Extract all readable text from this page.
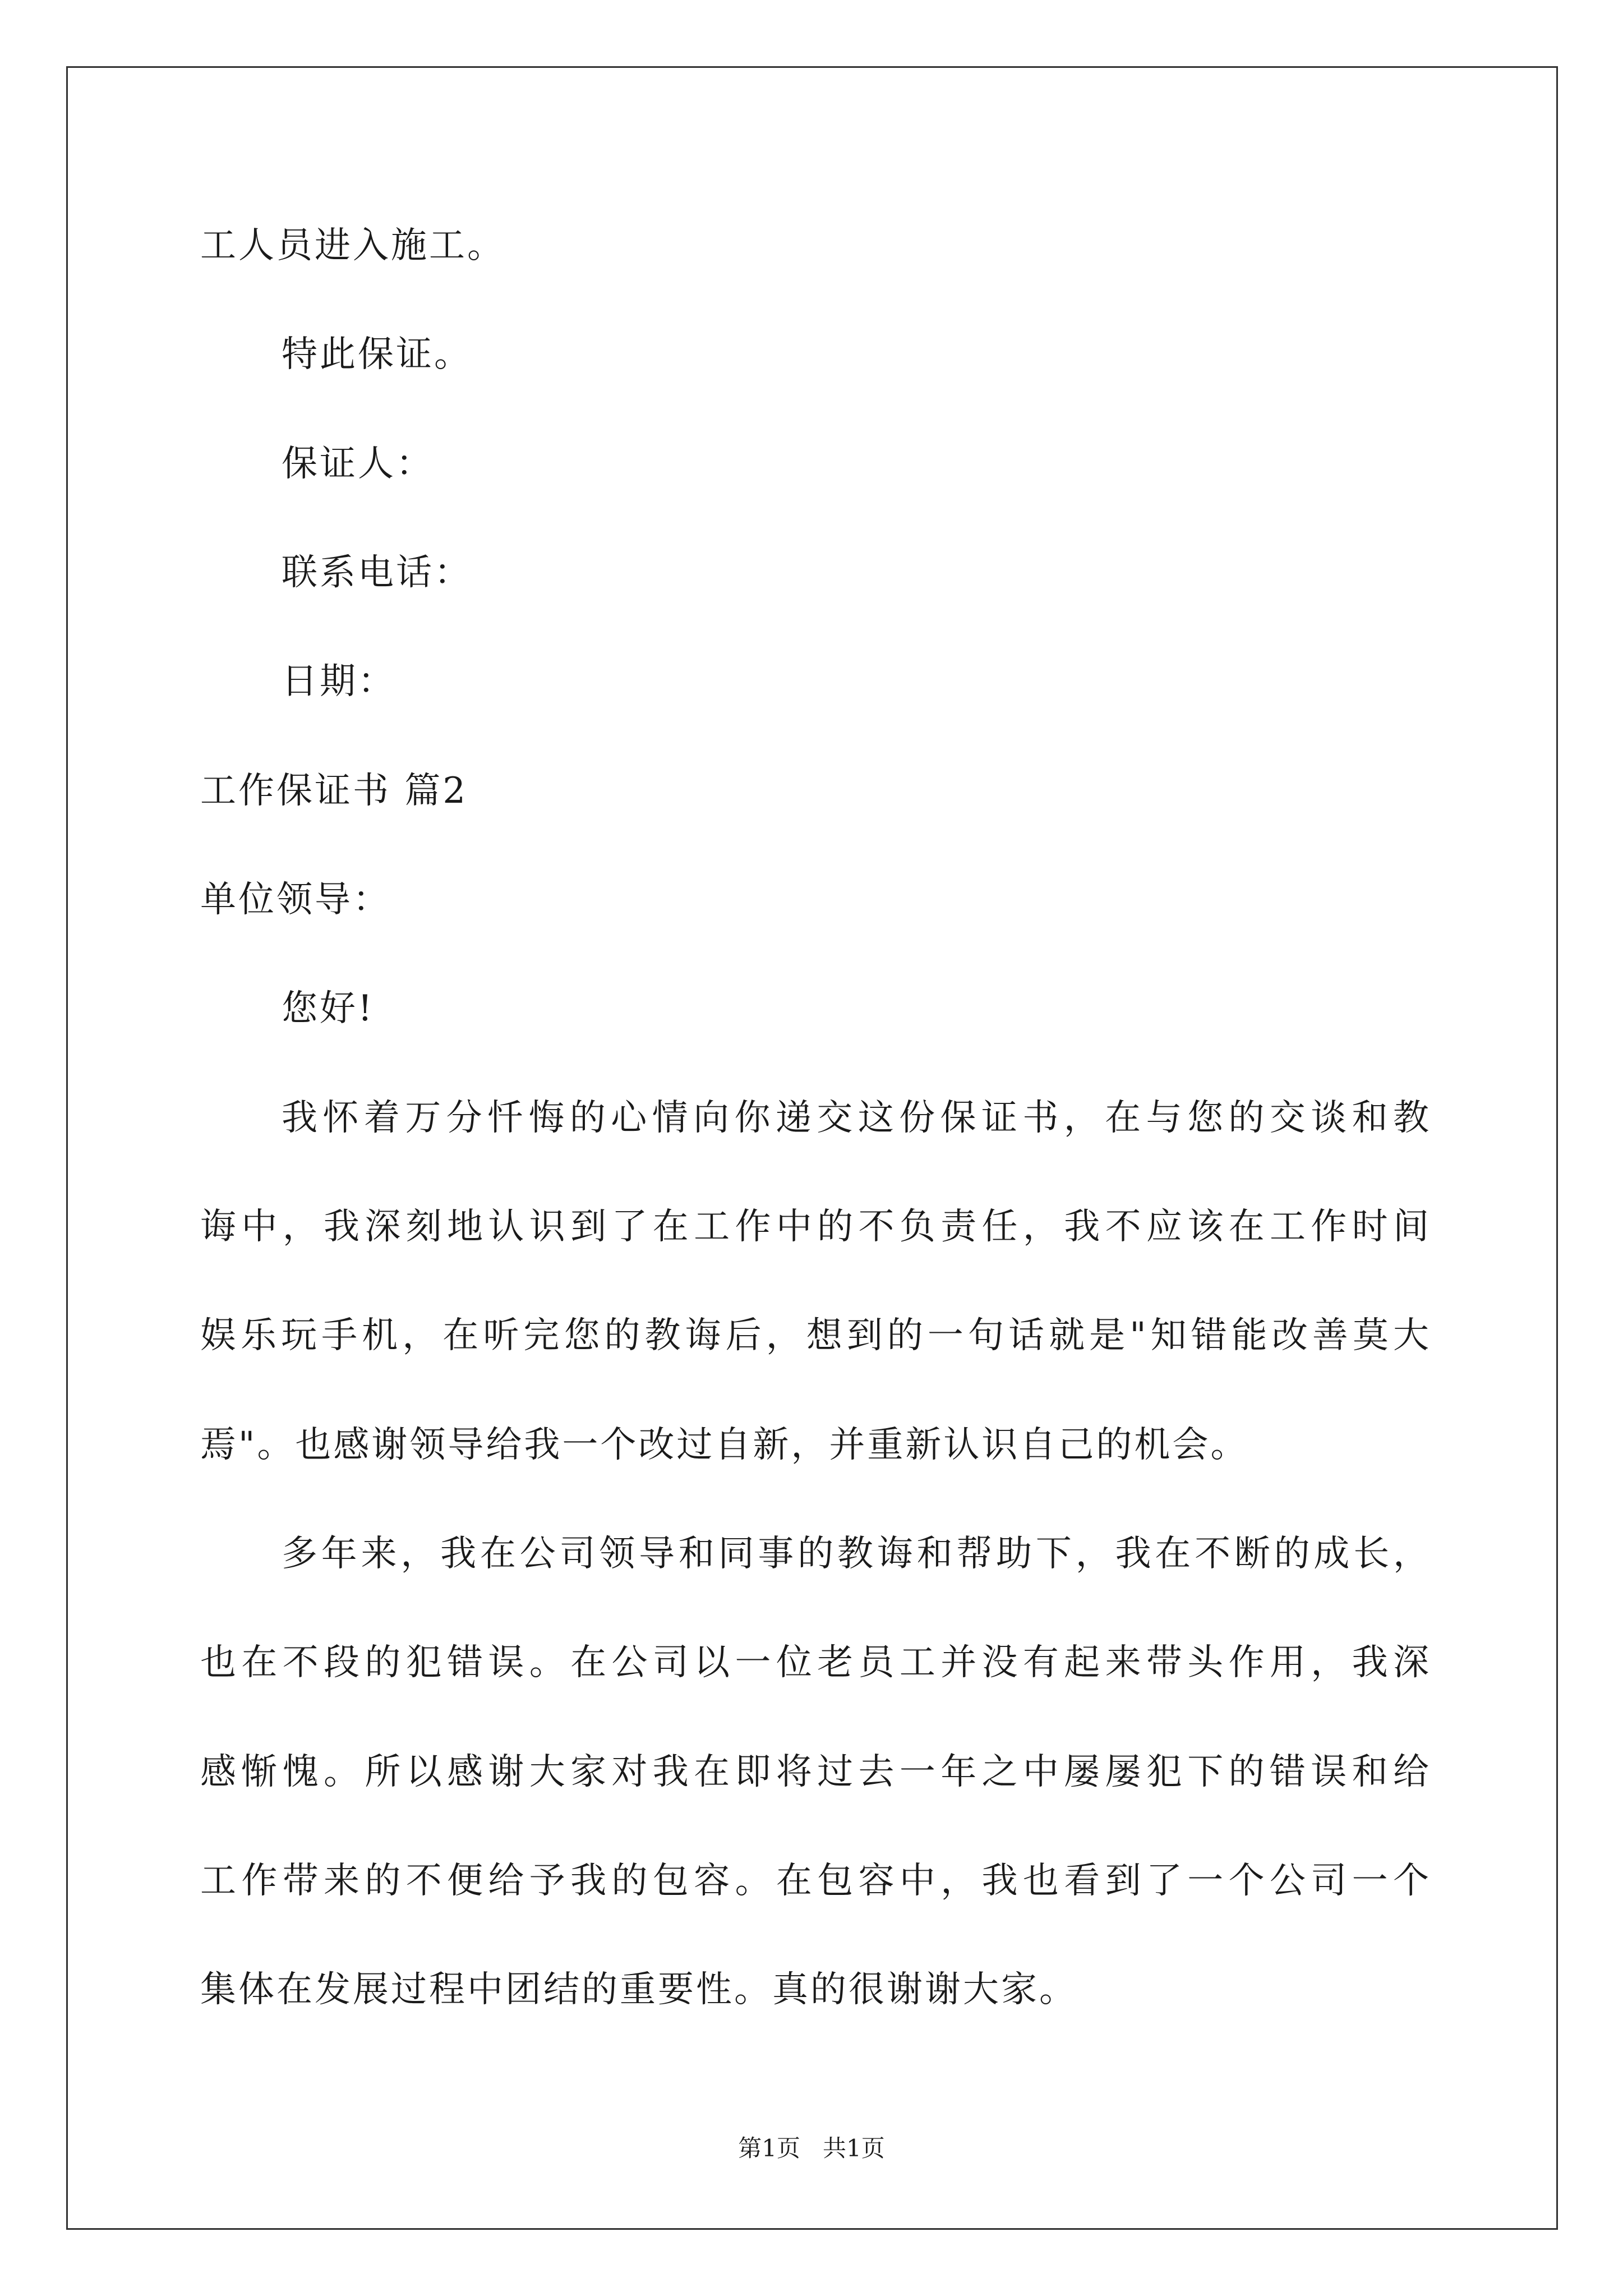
工人员进入施工。
特此保证。
保证人：
联系电话：
日期：
工作保证书 篇2
单位领导：
您好!
我怀着万分忏悔的心情向你递交这份保证书，在与您的交谈和教
诲中，我深刻地认识到了在工作中的不负责任，我不应该在工作时间
娱乐玩手机，在听完您的教诲后，想到的一句话就是"知错能改善莫大
焉"。也感谢领导给我一个改过自新，并重新认识自己的机会。
多年来，我在公司领导和同事的教诲和帮助下，我在不断的成长，
也在不段的犯错误。在公司以一位老员工并没有起来带头作用，我深
感惭愧。所以感谢大家对我在即将过去一年之中屡屡犯下的错误和给
工作带来的不便给予我的包容。在包容中，我也看到了一个公司一个
集体在发展过程中团结的重要性。真的很谢谢大家。
第1页   共1页
